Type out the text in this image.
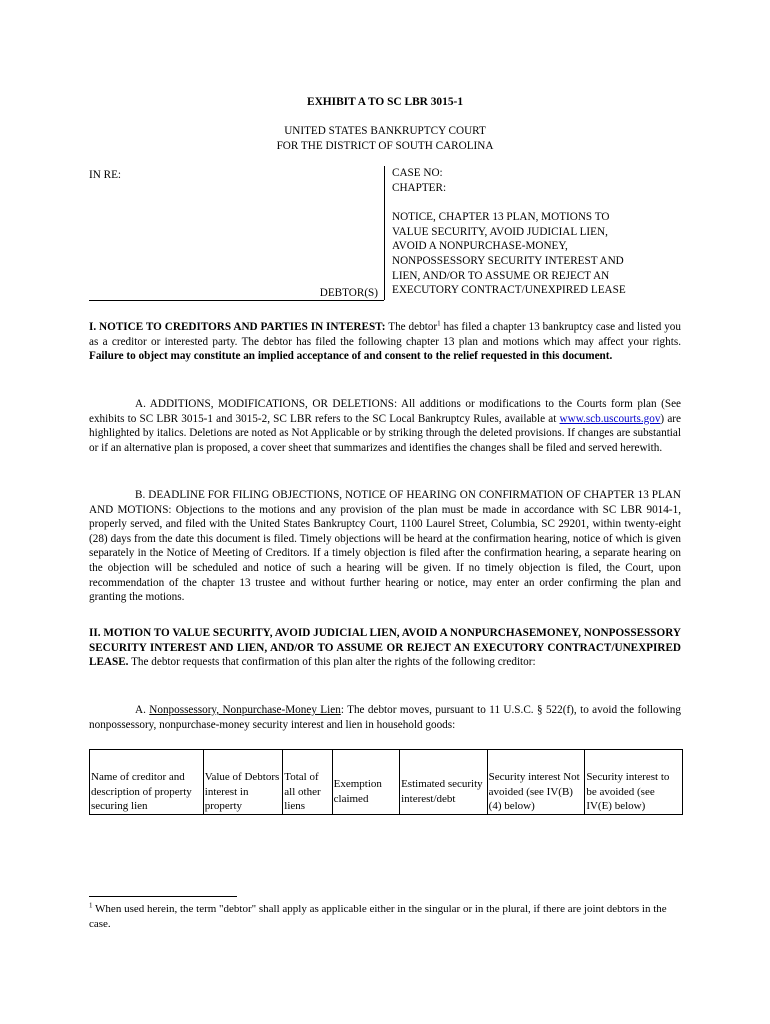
EXHIBIT A TO SC LBR 3015-1
UNITED STATES BANKRUPTCY COURT
FOR THE DISTRICT OF SOUTH CAROLINA
IN RE:
DEBTOR(S)
CASE NO:
CHAPTER:
NOTICE, CHAPTER 13 PLAN, MOTIONS TO
VALUE SECURITY, AVOID JUDICIAL LIEN,
AVOID A NONPURCHASE-MONEY,
NONPOSSESSORY SECURITY INTEREST AND
LIEN, AND/OR TO ASSUME OR REJECT AN
EXECUTORY CONTRACT/UNEXPIRED LEASE
I. NOTICE TO CREDITORS AND PARTIES IN INTEREST: The debtor$^1$ has filed a chapter 13 bankruptcy case and listed you as a creditor or interested party. The debtor has filed the following chapter 13 plan and motions which may affect your rights. Failure to object may constitute an implied acceptance of and consent to the relief requested in this document.
A. ADDITIONS, MODIFICATIONS, OR DELETIONS: All additions or modifications to the Courts form plan (See exhibits to SC LBR 3015-1 and 3015-2, SC LBR refers to the SC Local Bankruptcy Rules, available at www.scb.uscourts.gov) are highlighted by italics. Deletions are noted as Not Applicable or by striking through the deleted provisions. If changes are substantial or if an alternative plan is proposed, a cover sheet that summarizes and identifies the changes shall be filed and served herewith.
B. DEADLINE FOR FILING OBJECTIONS, NOTICE OF HEARING ON CONFIRMATION OF CHAPTER 13 PLAN AND MOTIONS: Objections to the motions and any provision of the plan must be made in accordance with SC LBR 9014-1, properly served, and filed with the United States Bankruptcy Court, 1100 Laurel Street, Columbia, SC 29201, within twenty-eight (28) days from the date this document is filed. Timely objections will be heard at the confirmation hearing, notice of which is given separately in the Notice of Meeting of Creditors. If a timely objection is filed after the confirmation hearing, a separate hearing on the objection will be scheduled and notice of such a hearing will be given. If no timely objection is filed, the Court, upon recommendation of the chapter 13 trustee and without further hearing or notice, may enter an order confirming the plan and granting the motions.
II. MOTION TO VALUE SECURITY, AVOID JUDICIAL LIEN, AVOID A NONPURCHASEMONEY, NONPOSSESSORY SECURITY INTEREST AND LIEN, AND/OR TO ASSUME OR REJECT AN EXECUTORY CONTRACT/UNEXPIRED LEASE. The debtor requests that confirmation of this plan alter the rights of the following creditor:
A. Nonpossessory, Nonpurchase-Money Lien: The debtor moves, pursuant to 11 U.S.C. § 522(f), to avoid the following nonpossessory, nonpurchase-money security interest and lien in household goods:
Name of creditor and description of property securing lien	Value of Debtors interest in property	Total of all other liens	Exemption claimed	Estimated security interest/debt	Security interest Not avoided (see IV(B)(4) below)	Security interest to be avoided (see IV(E) below)
$^1$ When used herein, the term "debtor" shall apply as applicable either in the singular or in the plural, if there are joint debtors in the case.
